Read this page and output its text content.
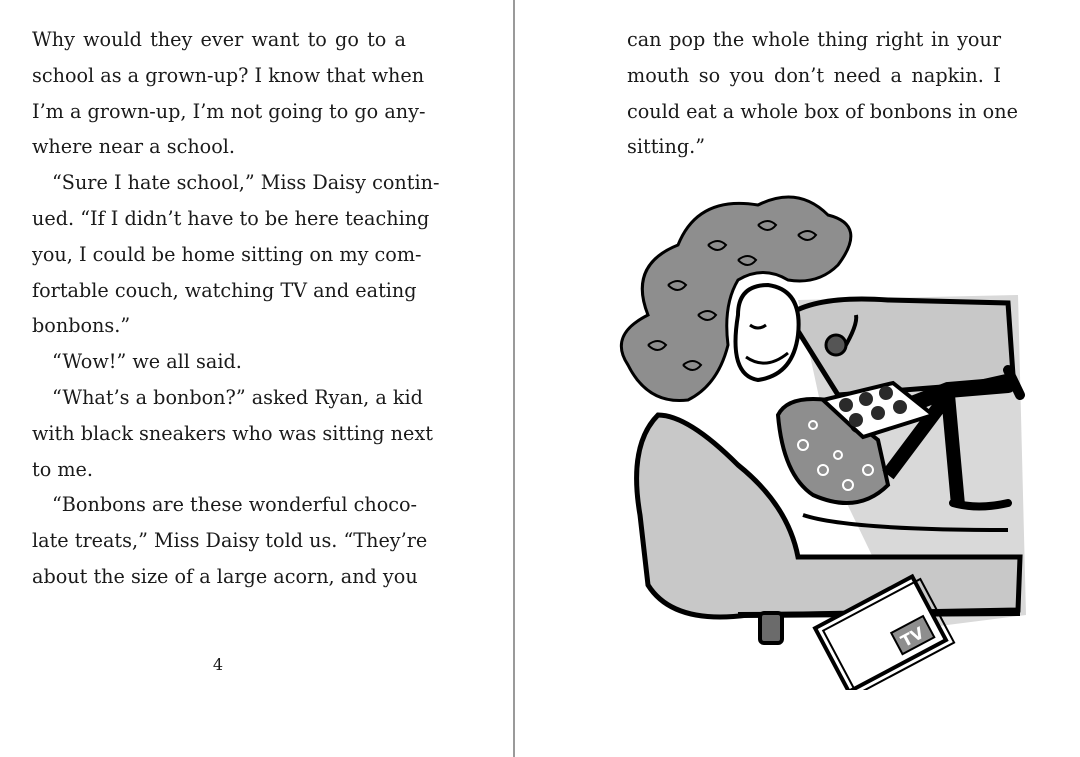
Why would they ever want to go to a
school as a grown-up? I know that when
I’m a grown-up, I’m not going to go any-
where near a school.
“Sure I hate school,” Miss Daisy contin-
ued. “If I didn’t have to be here teaching
you, I could be home sitting on my com-
fortable couch, watching TV and eating
bonbons.”
“Wow!” we all said.
“What’s a bonbon?” asked Ryan, a kid
with black sneakers who was sitting next
to me.
“Bonbons are these wonderful choco-
late treats,” Miss Daisy told us. “They’re
about the size of a large acorn, and you
4
can pop the whole thing right in your
mouth so you don’t need a napkin. I
could eat a whole box of bonbons in one
sitting.”
TV
